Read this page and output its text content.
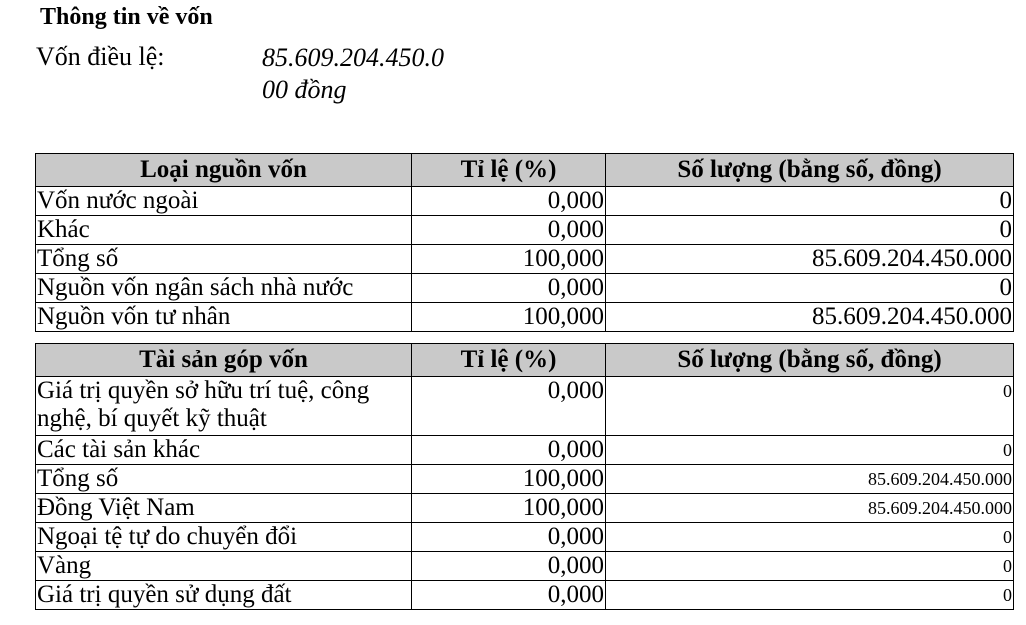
Thông tin về vốn
Vốn điều lệ:	85.609.204.450.0
00 đồng
Loại nguồn vốn	Tỉ lệ (%)	Số lượng (bằng số, đồng)
Vốn nước ngoài	0,000	0
Khác	0,000	0
Tổng số	100,000	85.609.204.450.000
Nguồn vốn ngân sách nhà nước	0,000	0
Nguồn vốn tư nhân	100,000	85.609.204.450.000
Tài sản góp vốn	Tỉ lệ (%)	Số lượng (bằng số, đồng)
Giá trị quyền sở hữu trí tuệ, công nghệ, bí quyết kỹ thuật	0,000	0
Các tài sản khác	0,000	0
Tổng số	100,000	85.609.204.450.000
Đồng Việt Nam	100,000	85.609.204.450.000
Ngoại tệ tự do chuyển đổi	0,000	0
Vàng	0,000	0
Giá trị quyền sử dụng đất	0,000	0
